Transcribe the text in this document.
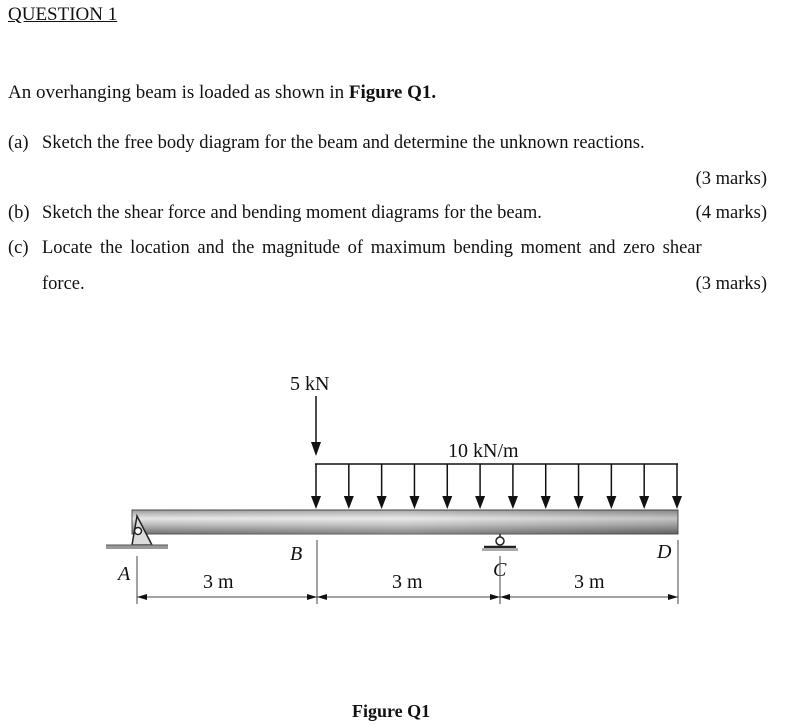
QUESTION 1
An overhanging beam is loaded as shown in Figure Q1.
(a) Sketch the free body diagram for the beam and determine the unknown reactions.
(3 marks)
(b) Sketch the shear force and bending moment diagrams for the beam.	(4 marks)
(c) Locate the location and the magnitude of maximum bending moment and zero shear
force.	(3 marks)
5 kN
10 kN/m
A
B
C
D
3 m	3 m	3 m
Figure Q1
